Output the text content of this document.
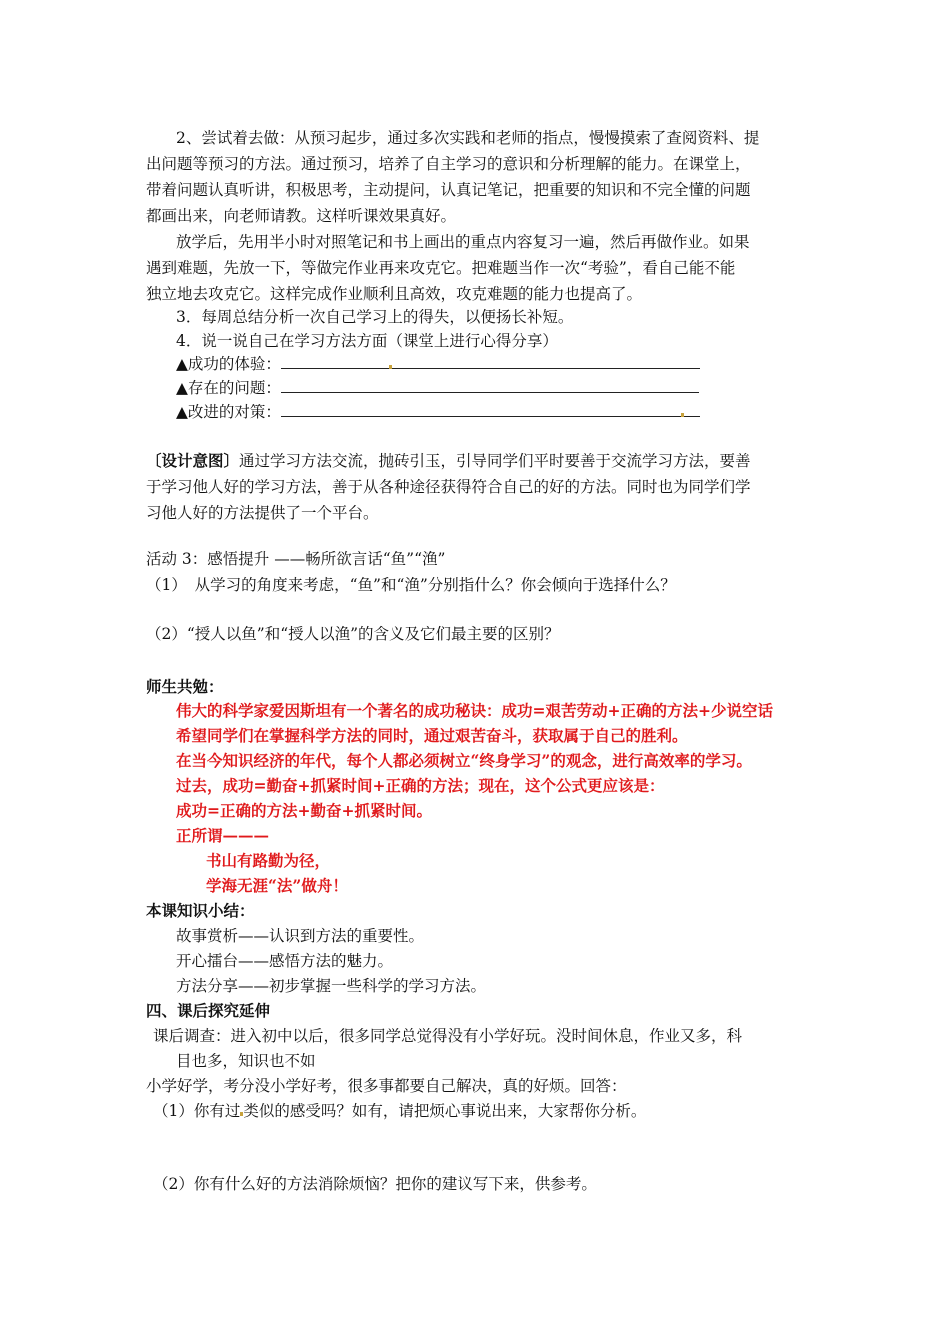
2、尝试着去做：从预习起步，通过多次实践和老师的指点，慢慢摸索了查阅资料、提
出问题等预习的方法。通过预习，培养了自主学习的意识和分析理解的能力。在课堂上，
带着问题认真听讲，积极思考，主动提问，认真记笔记，把重要的知识和不完全懂的问题
都画出来，向老师请教。这样听课效果真好。
放学后，先用半小时对照笔记和书上画出的重点内容复习一遍，然后再做作业。如果
遇到难题，先放一下，等做完作业再来攻克它。把难题当作一次“考验”，看自己能不能
独立地去攻克它。这样完成作业顺利且高效，攻克难题的能力也提高了。
3．每周总结分析一次自己学习上的得失，以便扬长补短。
4．说一说自己在学习方法方面（课堂上进行心得分享）
▲成功的体验：
▲存在的问题：
▲改进的对策：
〔设计意图〕通过学习方法交流，抛砖引玉，引导同学们平时要善于交流学习方法，要善
于学习他人好的学习方法，善于从各种途径获得符合自己的好的方法。同时也为同学们学
习他人好的方法提供了一个平台。
活动 3：感悟提升 ——畅所欲言话“鱼”“渔”
（1）　从学习的角度来考虑，“鱼”和“渔”分别指什么？你会倾向于选择什么？
（2）“授人以鱼”和“授人以渔”的含义及它们最主要的区别？
师生共勉：
伟大的科学家爱因斯坦有一个著名的成功秘诀：成功=艰苦劳动+正确的方法+少说空话
希望同学们在掌握科学方法的同时，通过艰苦奋斗，获取属于自己的胜利。
在当今知识经济的年代，每个人都必须树立“终身学习”的观念，进行高效率的学习。
过去，成功=勤奋+抓紧时间+正确的方法；现在，这个公式更应该是：
成功=正确的方法+勤奋+抓紧时间。
正所谓———
书山有路勤为径，
学海无涯“法”做舟！
本课知识小结：
故事赏析——认识到方法的重要性。
开心擂台——感悟方法的魅力。
方法分享——初步掌握一些科学的学习方法。
四、课后探究延伸
课后调查：进入初中以后，很多同学总觉得没有小学好玩。没时间休息，作业又多，科
目也多，知识也不如
小学好学，考分没小学好考，很多事都要自己解决，真的好烦。回答：
（1）你有过 类似的感受吗？如有，请把烦心事说出来，大家帮你分析。
（2）你有什么好的方法消除烦恼？把你的建议写下来，供参考。
